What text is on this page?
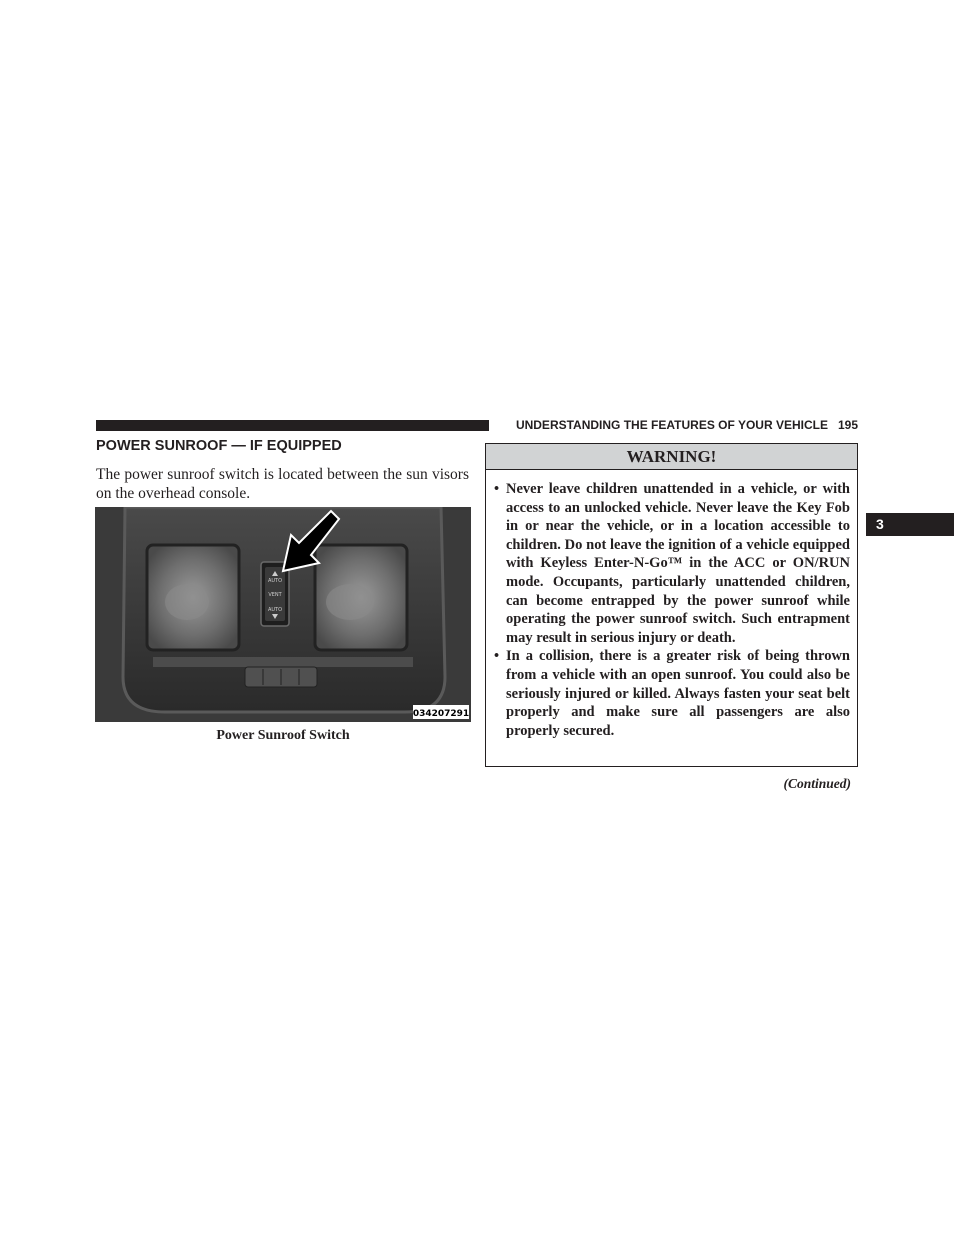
UNDERSTANDING THE FEATURES OF YOUR VEHICLE 195
3
POWER SUNROOF — IF EQUIPPED
The power sunroof switch is located between the sun visors on the overhead console.
AUTO
VENT
AUTO
034207291
Power Sunroof Switch
WARNING!
• Never leave children unattended in a vehicle, or with access to an unlocked vehicle. Never leave the Key Fob in or near the vehicle, or in a location accessible to children. Do not leave the ignition of a vehicle equipped with Keyless Enter-N-Go™ in the ACC or ON/RUN mode. Occupants, particularly unattended children, can become entrapped by the power sunroof while operating the power sunroof switch. Such entrapment may result in serious injury or death.
• In a collision, there is a greater risk of being thrown from a vehicle with an open sunroof. You could also be seriously injured or killed. Always fasten your seat belt properly and make sure all passengers are also properly secured.
(Continued)
